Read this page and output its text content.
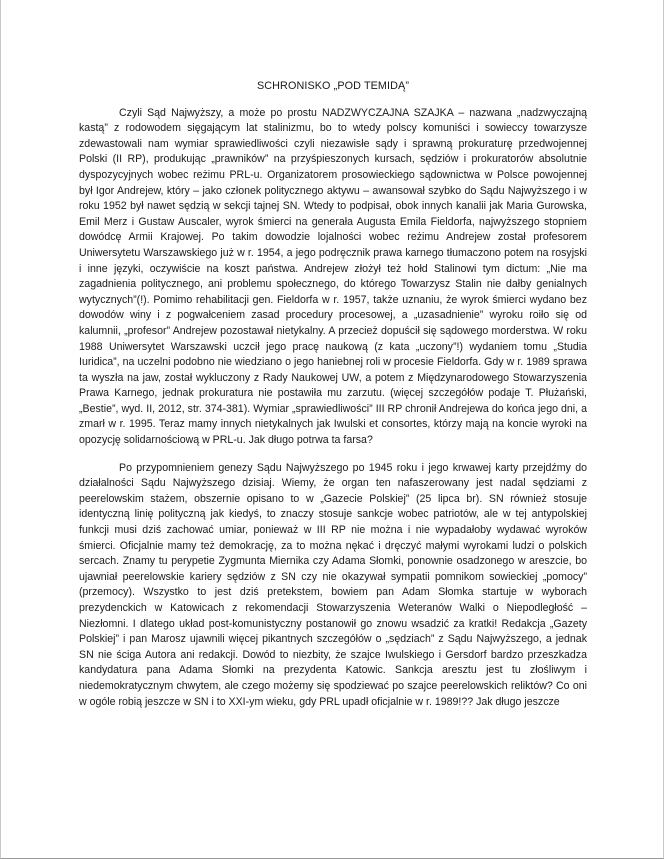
SCHRONISKO „POD TEMIDĄ”

Czyli Sąd Najwyższy, a może po prostu NADZWYCZAJNA SZAJKA – nazwana „nadzwyczajną kastą” z rodowodem sięgającym lat stalinizmu, bo to wtedy polscy komuniści i sowieccy towarzysze zdewastowali nam wymiar sprawiedliwości czyli niezawisłe sądy i sprawną prokuraturę przedwojennej Polski (II RP), produkując „prawników” na przyśpieszonych kursach, sędziów i prokuratorów absolutnie dyspozycyjnych wobec reżimu PRL-u. Organizatorem prosowieckiego sądownictwa w Polsce powojennej był Igor Andrejew, który – jako członek politycznego aktywu – awansował szybko do Sądu Najwyższego i w roku 1952 był nawet sędzią w sekcji tajnej SN. Wtedy to podpisał, obok innych kanalii jak Maria Gurowska, Emil Merz i Gustaw Auscaler, wyrok śmierci na generała Augusta Emila Fieldorfa, najwyższego stopniem dowódcę Armii Krajowej. Po takim dowodzie lojalności wobec reżimu Andrejew został profesorem Uniwersytetu Warszawskiego już w r. 1954, a jego podręcznik prawa karnego tłumaczono potem na rosyjski i inne języki, oczywiście na koszt państwa. Andrejew złożył też hołd Stalinowi tym dictum: „Nie ma zagadnienia politycznego, ani problemu społecznego, do którego Towarzysz Stalin nie dałby genialnych wytycznych”(!). Pomimo rehabilitacji gen. Fieldorfa w r. 1957, także uznaniu, że wyrok śmierci wydano bez dowodów winy i z pogwałceniem zasad procedury procesowej, a „uzasadnienie” wyroku roiło się od kalumnii, „profesor” Andrejew pozostawał nietykalny. A przecież dopuścił się sądowego morderstwa. W roku 1988 Uniwersytet Warszawski uczcił jego pracę naukową (z kata „uczony”!) wydaniem tomu „Studia Iuridica”, na uczelni podobno nie wiedziano o jego haniebnej roli w procesie Fieldorfa. Gdy w r. 1989 sprawa ta wyszła na jaw, został wykluczony z Rady Naukowej UW, a potem z Międzynarodowego Stowarzyszenia Prawa Karnego, jednak prokuratura nie postawiła mu zarzutu. (więcej szczegółów podaje T. Płużański, „Bestie”, wyd. II, 2012, str. 374-381). Wymiar „sprawiedliwości” III RP chronił Andrejewa do końca jego dni, a zmarł w r. 1995. Teraz mamy innych nietykalnych jak Iwulski et consortes, którzy mają na koncie wyroki na opozycję solidarnościową w PRL-u. Jak długo potrwa ta farsa?

Po przypomnieniem genezy Sądu Najwyższego po 1945 roku i jego krwawej karty przejdźmy do działalności Sądu Najwyższego dzisiaj. Wiemy, że organ ten nafaszerowany jest nadal sędziami z peerelowskim stażem, obszernie opisano to w „Gazecie Polskiej” (25 lipca br). SN również stosuje identyczną linię polityczną jak kiedyś, to znaczy stosuje sankcje wobec patriotów, ale w tej antypolskiej funkcji musi dziś zachować umiar, ponieważ w III RP nie można i nie wypadałoby wydawać wyroków śmierci. Oficjalnie mamy też demokrację, za to można nękać i dręczyć małymi wyrokami ludzi o polskich sercach. Znamy tu perypetie Zygmunta Miernika czy Adama Słomki, ponownie osadzonego w areszcie, bo ujawniał peerelowskie kariery sędziów z SN czy nie okazywał sympatii pomnikom sowieckiej „pomocy” (przemocy). Wszystko to jest dziś pretekstem, bowiem pan Adam Słomka startuje w wyborach prezydenckich w Katowicach z rekomendacji Stowarzyszenia Weteranów Walki o Niepodległość – Niezłomni. I dlatego układ post-komunistyczny postanowił go znowu wsadzić za kratki! Redakcja „Gazety Polskiej” i pan Marosz ujawnili więcej pikantnych szczegółów o „sędziach” z Sądu Najwyższego, a jednak SN nie ściga Autora ani redakcji. Dowód to niezbity, że szajce Iwulskiego i Gersdorf bardzo przeszkadza kandydatura pana Adama Słomki na prezydenta Katowic. Sankcja aresztu jest tu złośliwym i niedemokratycznym chwytem, ale czego możemy się spodziewać po szajce peerelowskich reliktów? Co oni w ogóle robią jeszcze w SN i to XXI-ym wieku, gdy PRL upadł oficjalnie w r. 1989!?? Jak długo jeszcze
